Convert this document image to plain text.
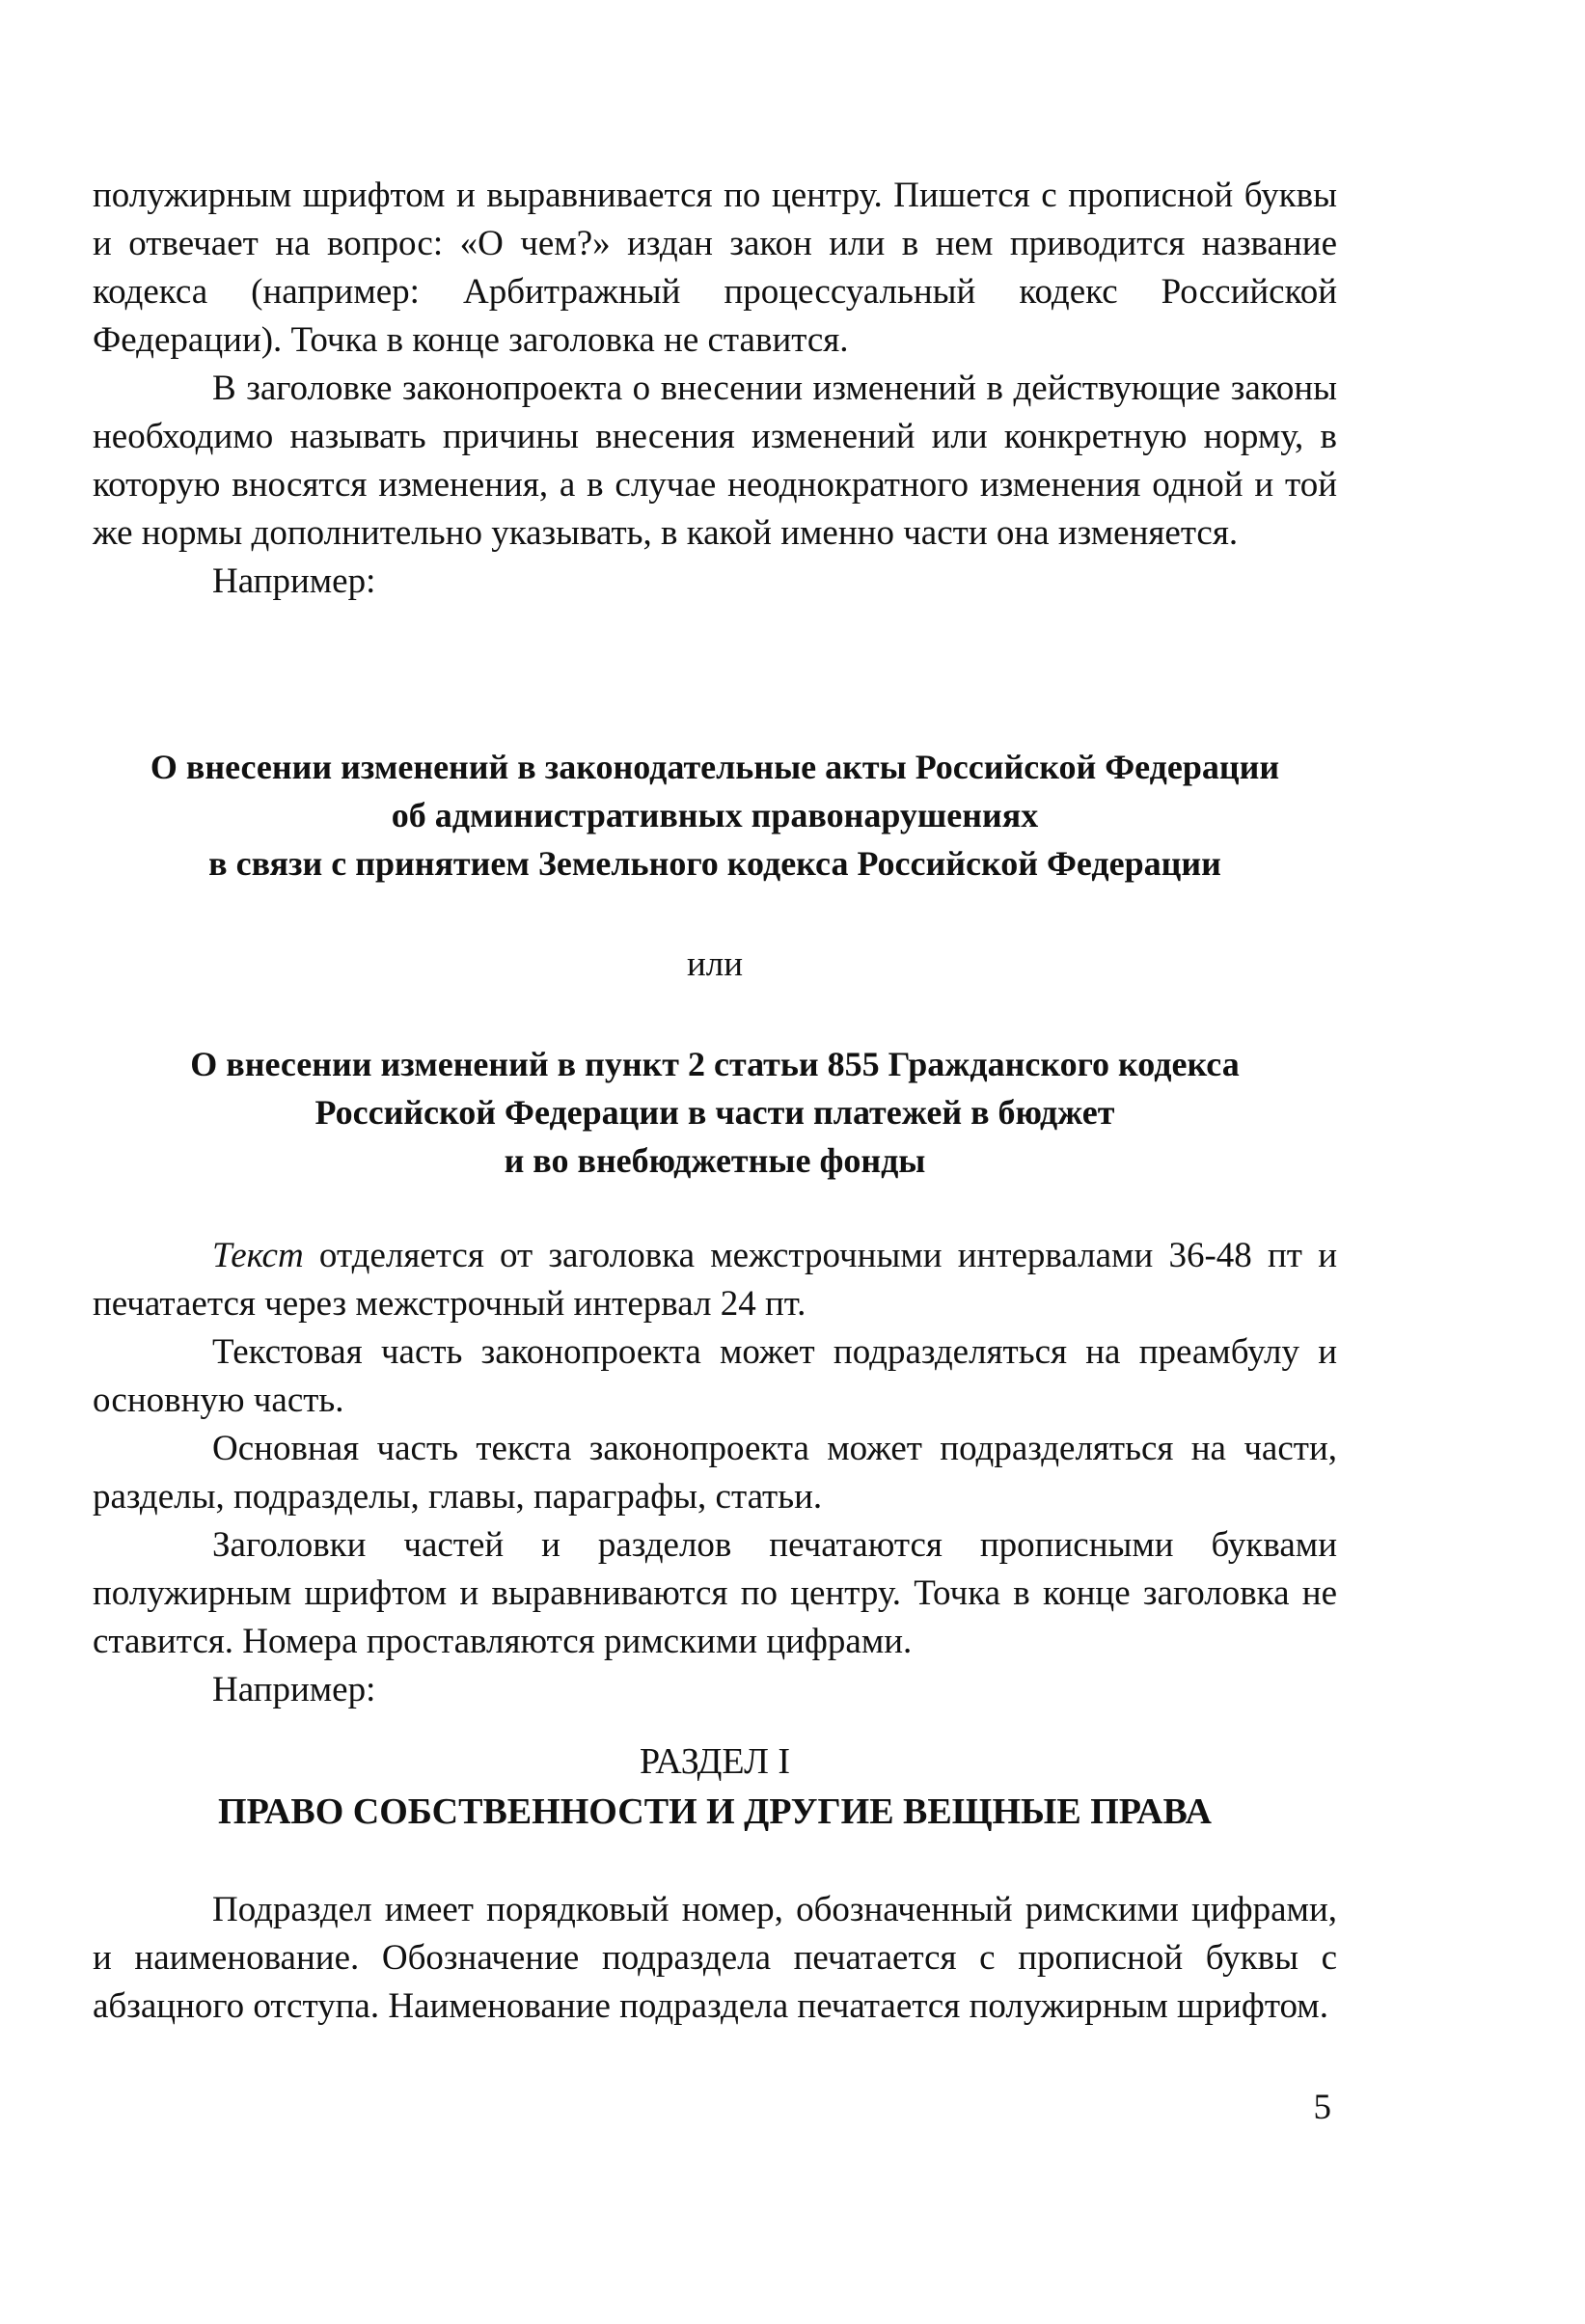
полужирным шрифтом и выравнивается по центру. Пишется с прописной буквы и отвечает на вопрос: «О чем?» издан закон или в нем приводится название кодекса (например: Арбитражный процессуальный кодекс Российской Федерации). Точка в конце заголовка не ставится.

В заголовке законопроекта о внесении изменений в действующие законы необходимо называть причины внесения изменений или конкретную норму, в которую вносятся изменения, а в случае неоднократного изменения одной и той же нормы дополнительно указывать, в какой именно части она изменяется.

Например:

О внесении изменений в законодательные акты Российской Федерации
об административных правонарушениях
в связи с принятием Земельного кодекса Российской Федерации
или
О внесении изменений в пункт 2 статьи 855 Гражданского кодекса
Российской Федерации в части платежей в бюджет
и во внебюджетные фонды

Текст отделяется от заголовка межстрочными интервалами 36-48 пт и печатается через межстрочный интервал 24 пт.

Текстовая часть законопроекта может подразделяться на преамбулу и основную часть.

Основная часть текста законопроекта может подразделяться на части, разделы, подразделы, главы, параграфы, статьи.

Заголовки частей и разделов печатаются прописными буквами полужирным шрифтом и выравниваются по центру. Точка в конце заголовка не ставится. Номера проставляются римскими цифрами.

Например:

РАЗДЕЛ I
ПРАВО СОБСТВЕННОСТИ И ДРУГИЕ ВЕЩНЫЕ ПРАВА

Подраздел имеет порядковый номер, обозначенный римскими цифрами, и наименование. Обозначение подраздела печатается с прописной буквы с абзацного отступа. Наименование подраздела печатается полужирным шрифтом.

5
